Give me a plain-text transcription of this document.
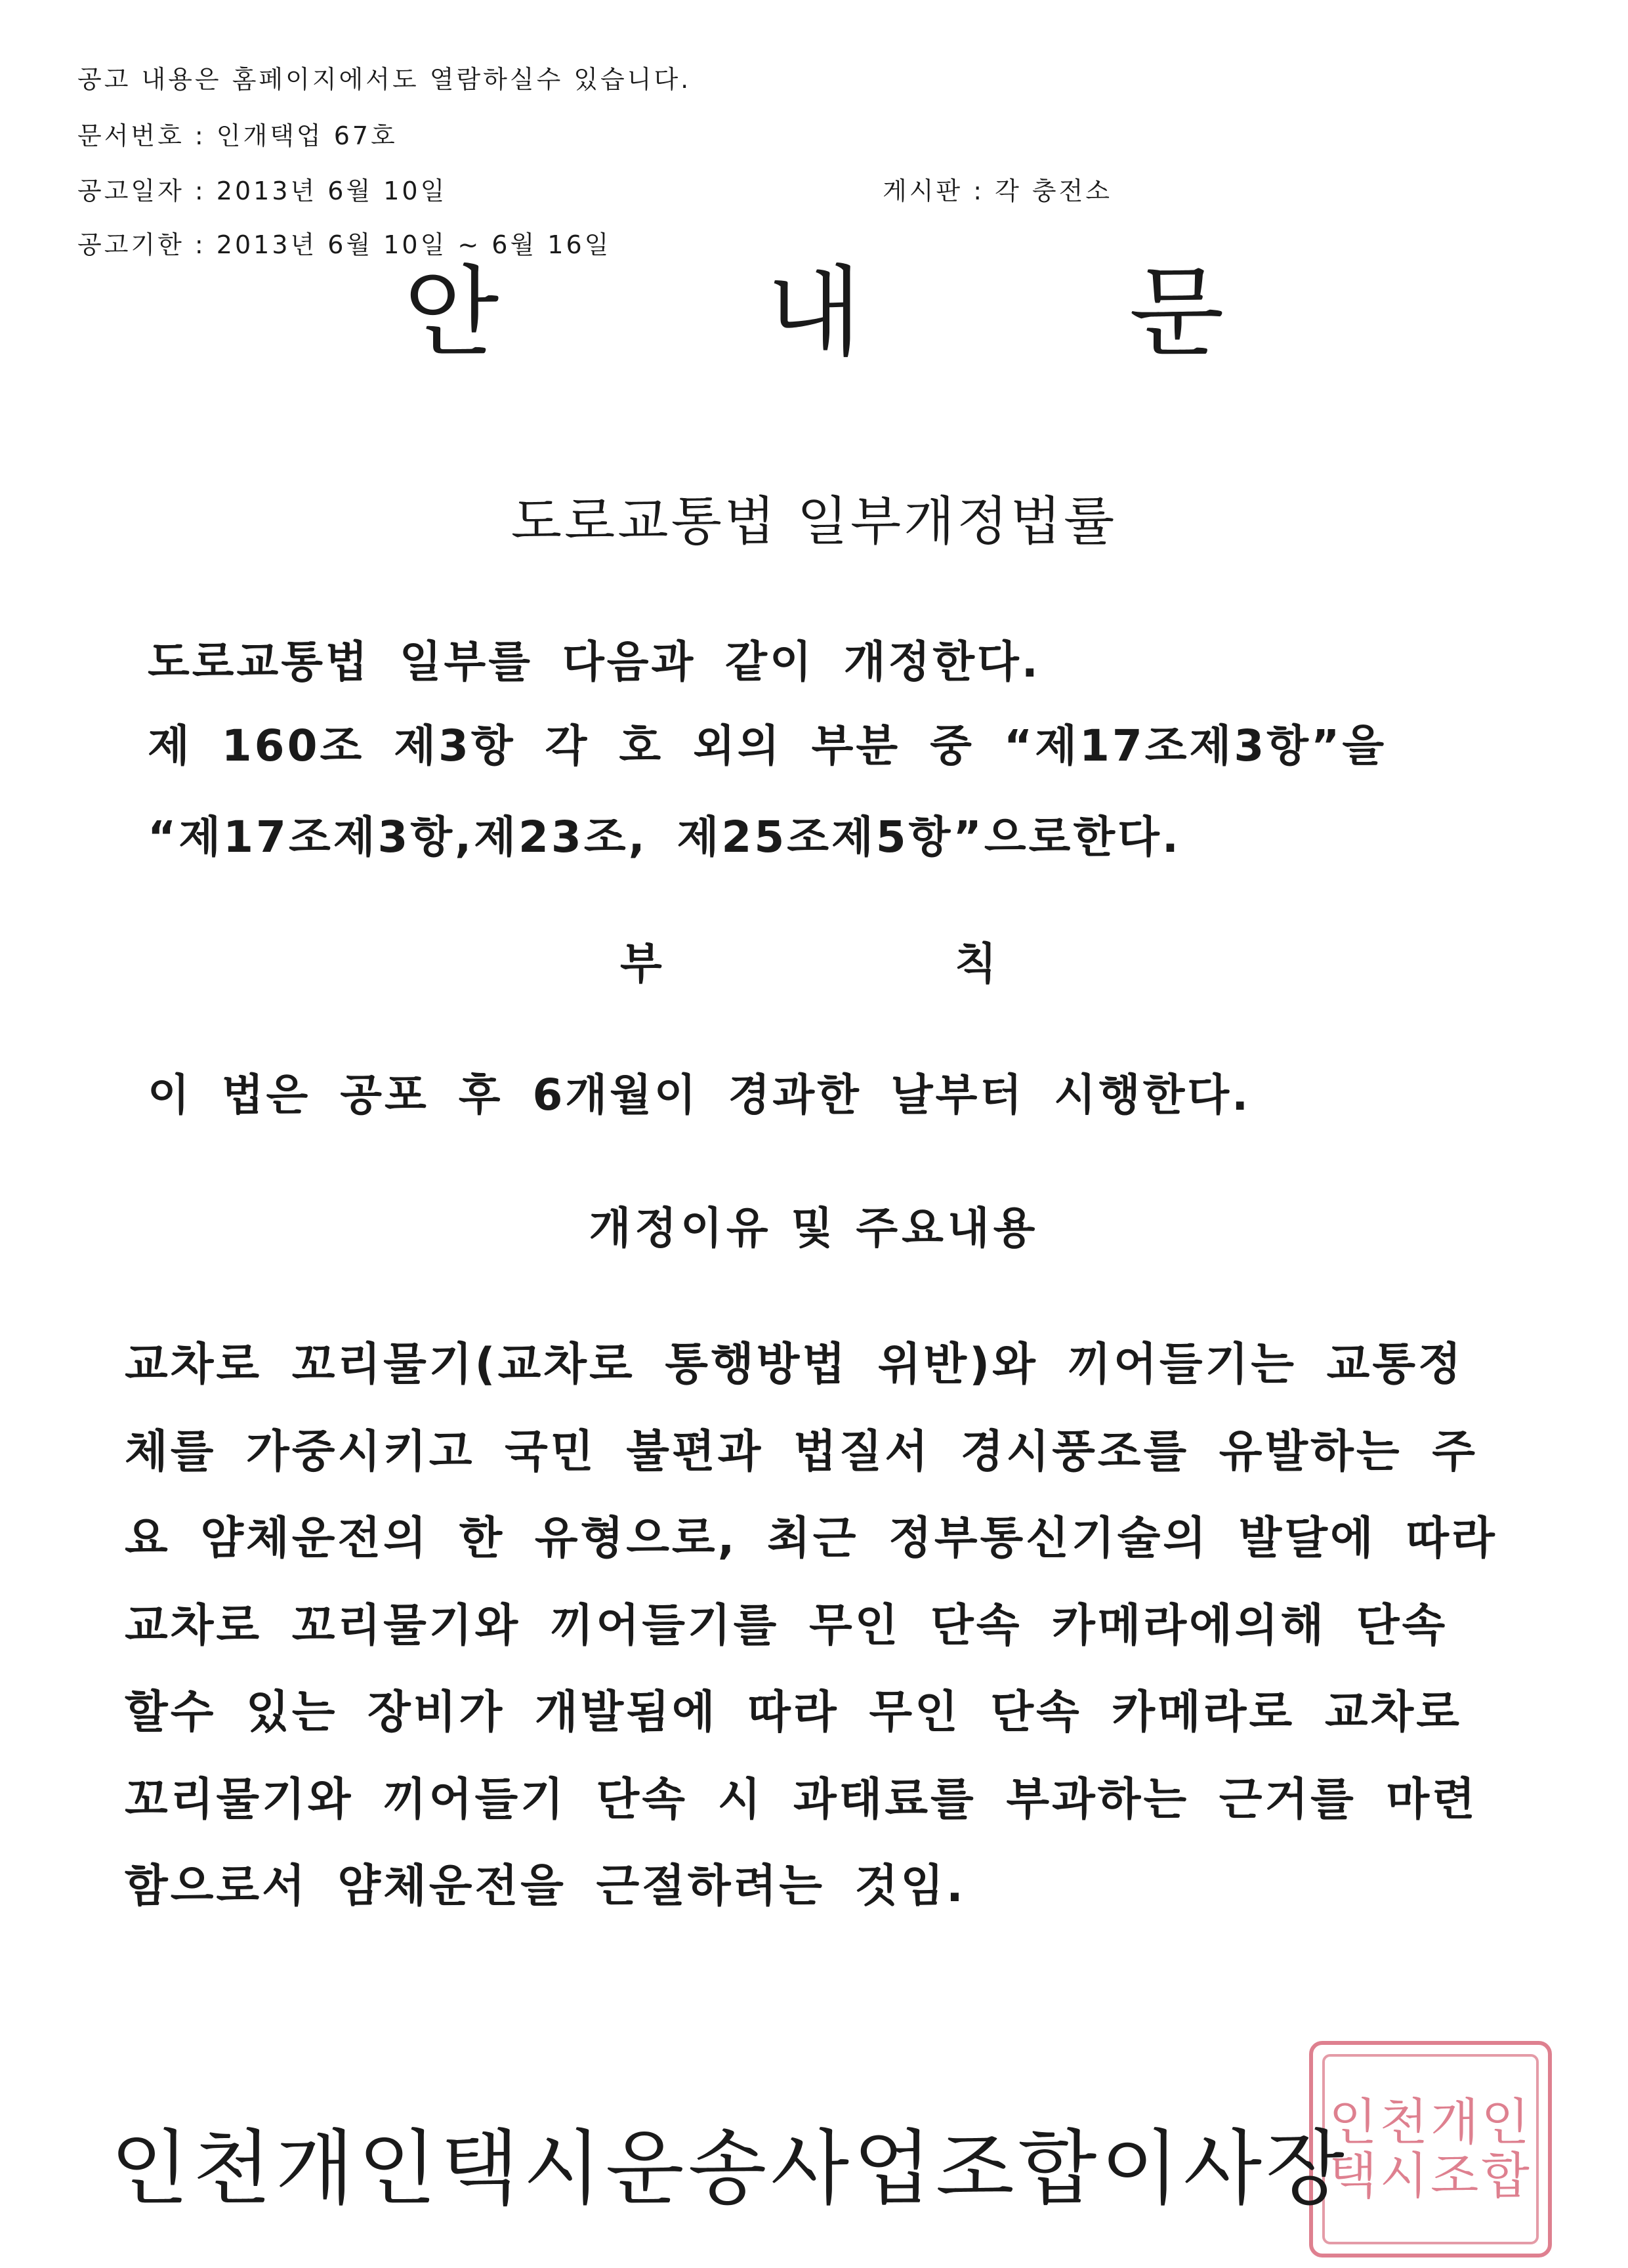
공고 내용은 홈페이지에서도 열람하실수 있습니다.
문서번호 : 인개택업 67호
공고일자 : 2013년 6월 10일	게시판 : 각 충전소
공고기한 : 2013년 6월 10일 ~ 6월 16일
안 내 문
도로교통법 일부개정법률
도로교통법 일부를 다음과 같이 개정한다.
제 160조 제3항 각 호 외의 부분 중 “제17조제3항”을
“제17조제3항,제23조, 제25조제5항”으로한다.
부	칙
이 법은 공포 후 6개월이 경과한 날부터 시행한다.
개정이유 및 주요내용
교차로 꼬리물기(교차로 통행방법 위반)와 끼어들기는 교통정
체를 가중시키고 국민 불편과 법질서 경시풍조를 유발하는 주
요 얌체운전의 한 유형으로, 최근 정부통신기술의 발달에 따라
교차로 꼬리물기와 끼어들기를 무인 단속 카메라에의해 단속
할수 있는 장비가 개발됨에 따라 무인 단속 카메라로 교차로
꼬리물기와 끼어들기 단속 시 과태료를 부과하는 근거를 마련
함으로서 얌체운전을 근절하려는 것임.
인천개인택시조합
인천개인택시운송사업조합이사장
